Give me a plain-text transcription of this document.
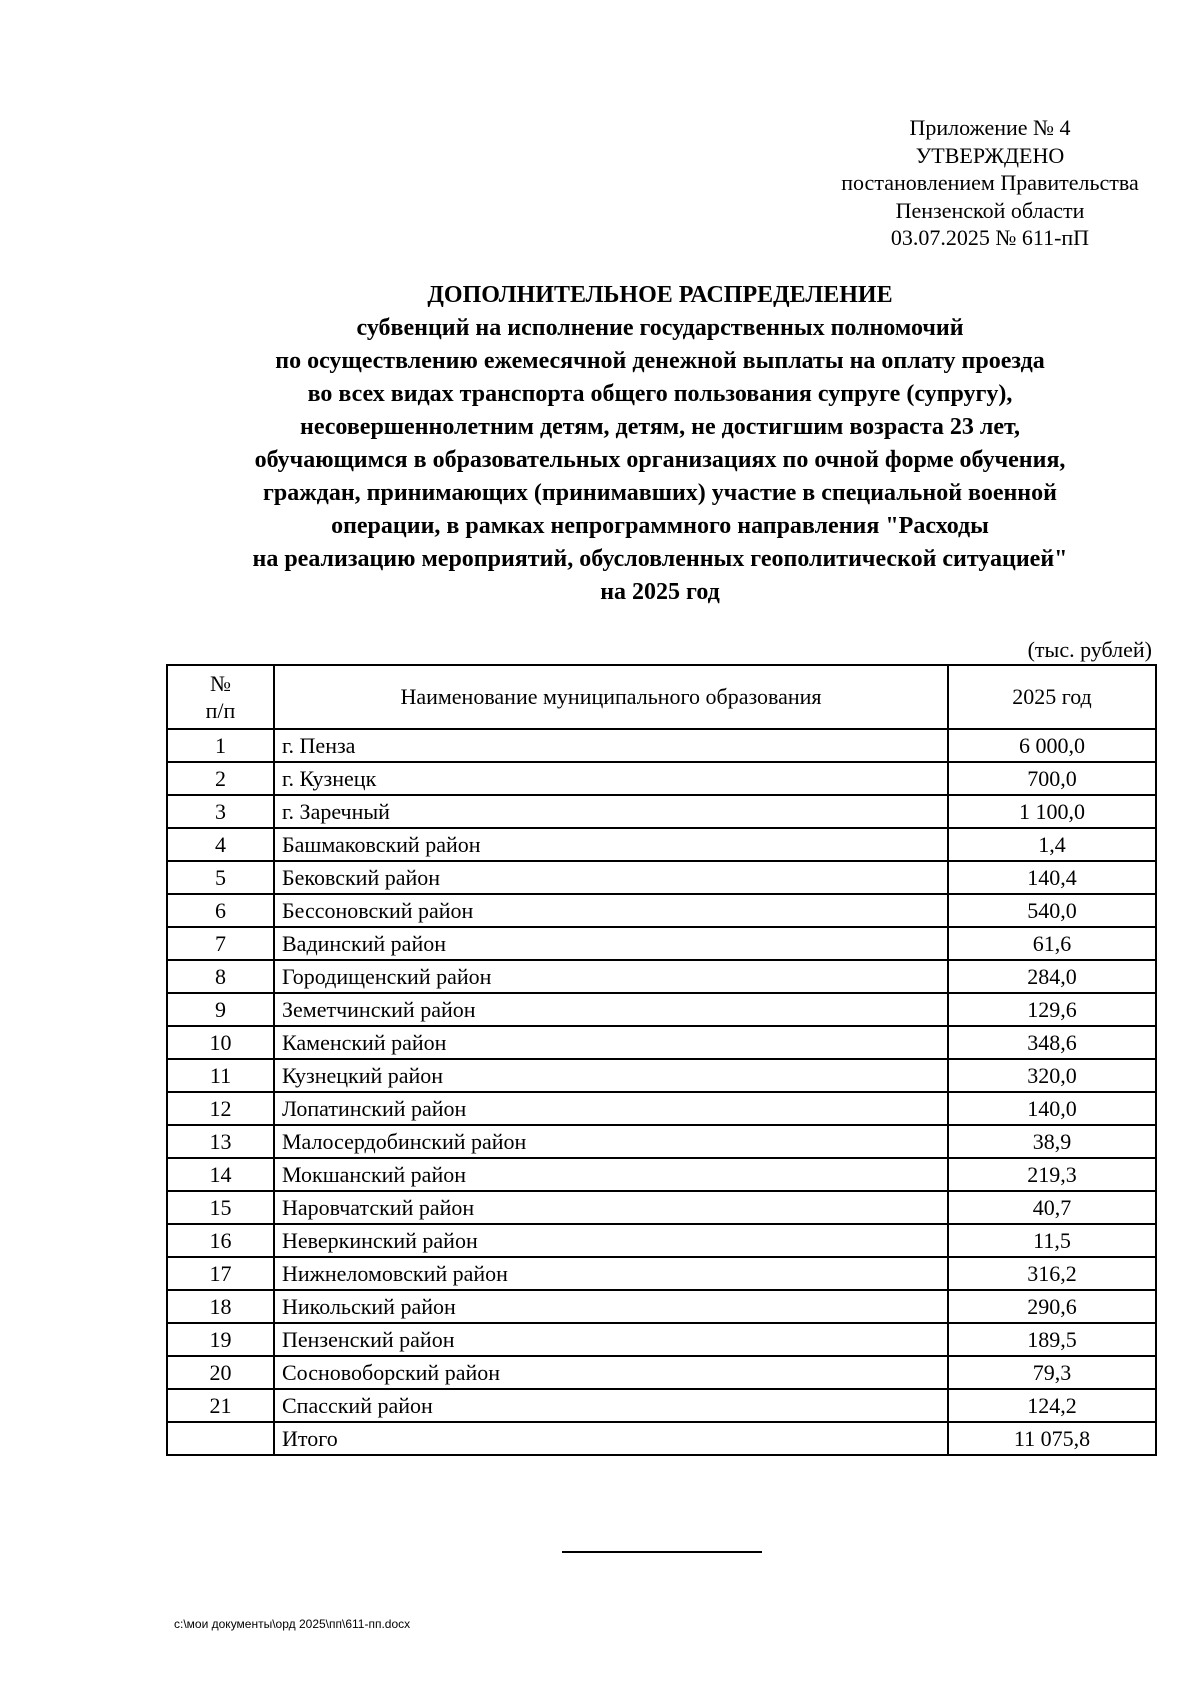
Приложение № 4
УТВЕРЖДЕНО
постановлением Правительства
Пензенской области
03.07.2025 № 611-пП
ДОПОЛНИТЕЛЬНОЕ РАСПРЕДЕЛЕНИЕ
субвенций на исполнение государственных полномочий
по осуществлению ежемесячной денежной выплаты на оплату проезда
во всех видах транспорта общего пользования супруге (супругу),
несовершеннолетним детям, детям, не достигшим возраста 23 лет,
обучающимся в образовательных организациях по очной форме обучения,
граждан, принимающих (принимавших) участие в специальной военной
операции, в рамках непрограммного направления "Расходы
на реализацию мероприятий, обусловленных геополитической ситуацией"
на 2025 год
(тыс. рублей)
№
п/п	Наименование муниципального образования	2025 год
1	г. Пенза	6 000,0
2	г. Кузнецк	700,0
3	г. Заречный	1 100,0
4	Башмаковский район	1,4
5	Бековский район	140,4
6	Бессоновский район	540,0
7	Вадинский район	61,6
8	Городищенский район	284,0
9	Земетчинский район	129,6
10	Каменский район	348,6
11	Кузнецкий район	320,0
12	Лопатинский район	140,0
13	Малосердобинский район	38,9
14	Мокшанский район	219,3
15	Наровчатский район	40,7
16	Неверкинский район	11,5
17	Нижнеломовский район	316,2
18	Никольский район	290,6
19	Пензенский район	189,5
20	Сосновоборский район	79,3
21	Спасский район	124,2
	Итого	11 075,8
c:\мои документы\орд 2025\пп\611-пп.docx
